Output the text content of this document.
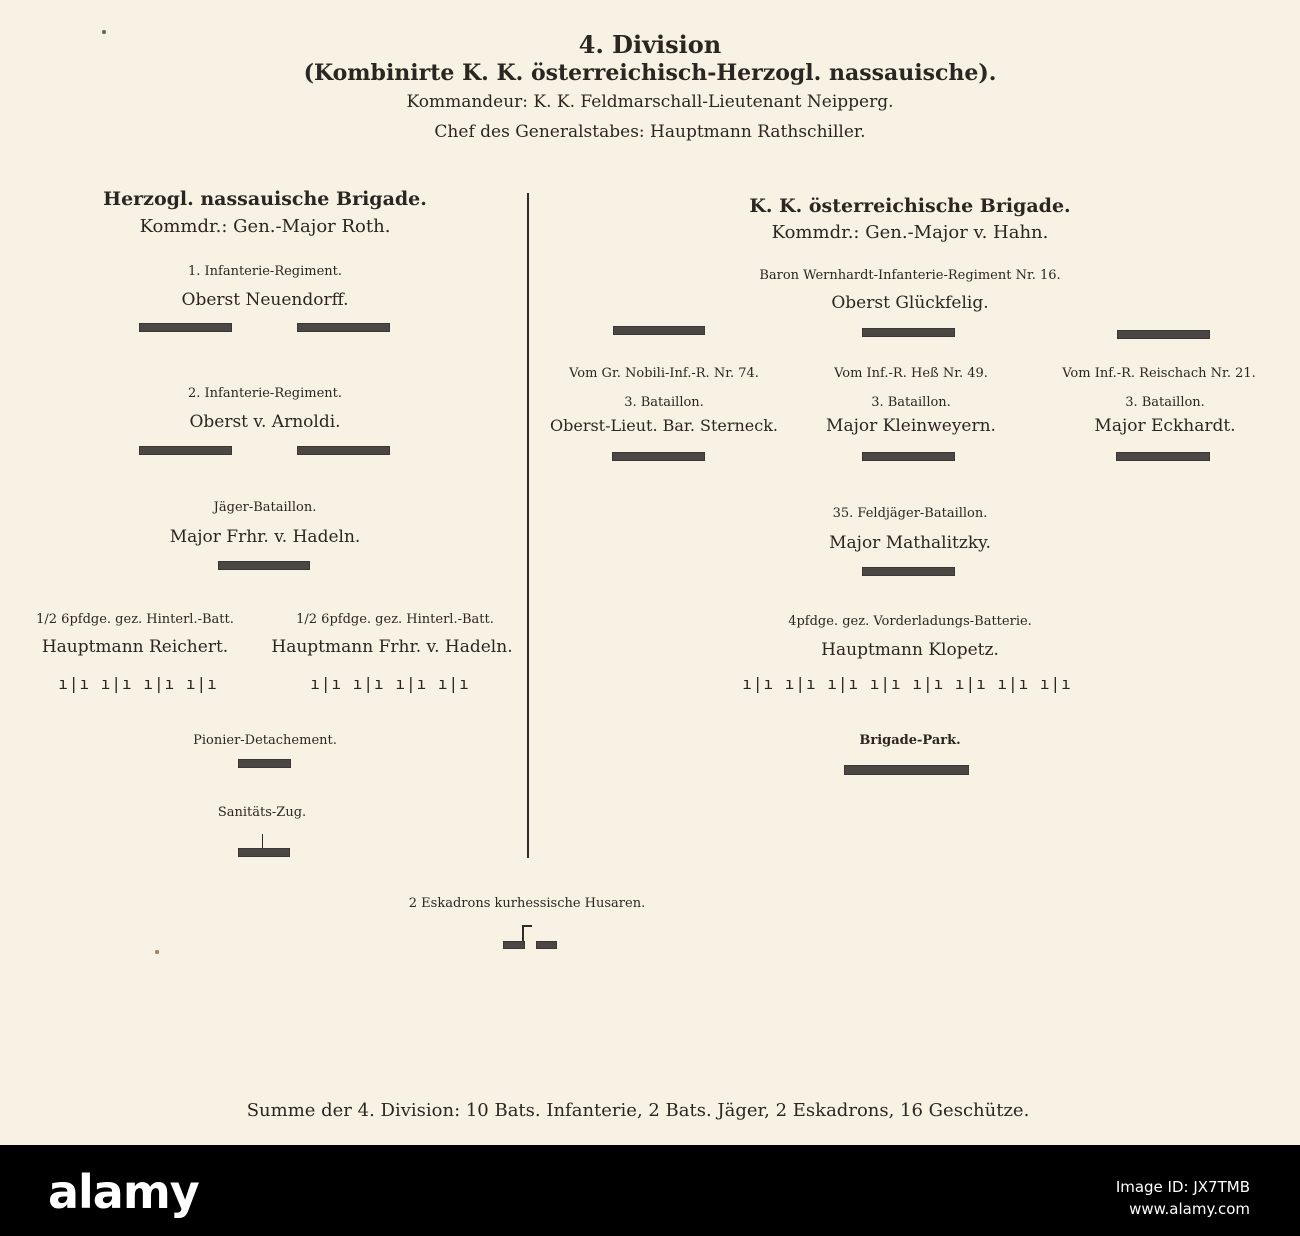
4. Division
(Kombinirte K. K. österreichisch-Herzogl. nassauische).
Kommandeur: K. K. Feldmarschall-Lieutenant Neipperg.
Chef des Generalstabes: Hauptmann Rathschiller.
Herzogl. nassauische Brigade.
Kommdr.: Gen.-Major Roth.
1. Infanterie-Regiment.
Oberst Neuendorff.
2. Infanterie-Regiment.
Oberst v. Arnoldi.
Jäger-Bataillon.
Major Frhr. v. Hadeln.
1/2 6pfdge. gez. Hinterl.-Batt.
Hauptmann Reichert.
1/2 6pfdge. gez. Hinterl.-Batt.
Hauptmann Frhr. v. Hadeln.
ı|ı ı|ı ı|ı ı|ı	ı|ı ı|ı ı|ı ı|ı
Pionier-Detachement.
Sanitäts-Zug.
K. K. österreichische Brigade.
Kommdr.: Gen.-Major v. Hahn.
Baron Wernhardt-Infanterie-Regiment Nr. 16.
Oberst Glückfelig.
Vom Gr. Nobili-Inf.-R. Nr. 74.
3. Bataillon.
Oberst-Lieut. Bar. Sterneck.
Vom Inf.-R. Heß Nr. 49.
3. Bataillon.
Major Kleinweyern.
Vom Inf.-R. Reischach Nr. 21.
3. Bataillon.
Major Eckhardt.
35. Feldjäger-Bataillon.
Major Mathalitzky.
4pfdge. gez. Vorderladungs-Batterie.
Hauptmann Klopetz.
ı|ı ı|ı ı|ı ı|ı ı|ı ı|ı ı|ı ı|ı
Brigade-Park.
2 Eskadrons kurhessische Husaren.
Summe der 4. Division: 10 Bats. Infanterie, 2 Bats. Jäger, 2 Eskadrons, 16 Geschütze.
alamy	Image ID: JX7TMB
www.alamy.com
